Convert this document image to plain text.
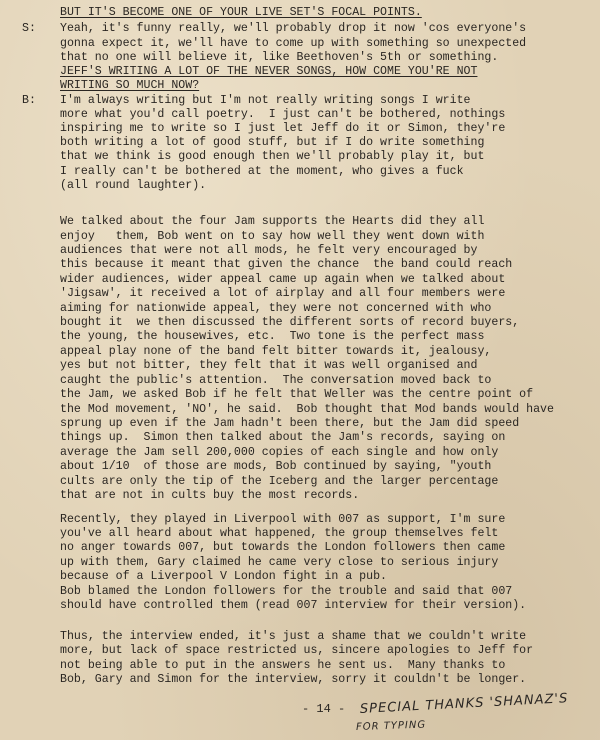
BUT IT'S BECOME ONE OF YOUR LIVE SET'S FOCAL POINTS.
Yeah, it's funny really, we'll probably drop it now 'cos everyone's
gonna expect it, we'll have to come up with something so unexpected
that no one will believe it, like Beethoven's 5th or something.
JEFF'S WRITING A LOT OF THE NEVER SONGS, HOW COME YOU'RE NOT
WRITING SO MUCH NOW?
I'm always writing but I'm not really writing songs I write
more what you'd call poetry.  I just can't be bothered, nothings
inspiring me to write so I just let Jeff do it or Simon, they're
both writing a lot of good stuff, but if I do write something
that we think is good enough then we'll probably play it, but
I really can't be bothered at the moment, who gives a fuck
(all round laughter).
We talked about the four Jam supports the Hearts did they all
enjoy   them, Bob went on to say how well they went down with
audiences that were not all mods, he felt very encouraged by
this because it meant that given the chance  the band could reach
wider audiences, wider appeal came up again when we talked about
'Jigsaw', it received a lot of airplay and all four members were
aiming for nationwide appeal, they were not concerned with who
bought it  we then discussed the different sorts of record buyers,
the young, the housewives, etc.  Two tone is the perfect mass
appeal play none of the band felt bitter towards it, jealousy,
yes but not bitter, they felt that it was well organised and
caught the public's attention.  The conversation moved back to
the Jam, we asked Bob if he felt that Weller was the centre point of
the Mod movement, 'NO', he said.  Bob thought that Mod bands would have
sprung up even if the Jam hadn't been there, but the Jam did speed
things up.  Simon then talked about the Jam's records, saying on
average the Jam sell 200,000 copies of each single and how only
about 1/10  of those are mods, Bob continued by saying, "youth
cults are only the tip of the Iceberg and the larger percentage
that are not in cults buy the most records.
Recently, they played in Liverpool with 007 as support, I'm sure
you've all heard about what happened, the group themselves felt
no anger towards 007, but towards the London followers then came
up with them, Gary claimed he came very close to serious injury
because of a Liverpool V London fight in a pub.
Bob blamed the London followers for the trouble and said that 007
should have controlled them (read 007 interview for their version).
Thus, the interview ended, it's just a shame that we couldn't write
more, but lack of space restricted us, sincere apologies to Jeff for
not being able to put in the answers he sent us.  Many thanks to
Bob, Gary and Simon for the interview, sorry it couldn't be longer.
S:
B:
- 14 - SPECIAL THANKS 'SHANAZ'S
FOR TYPING
